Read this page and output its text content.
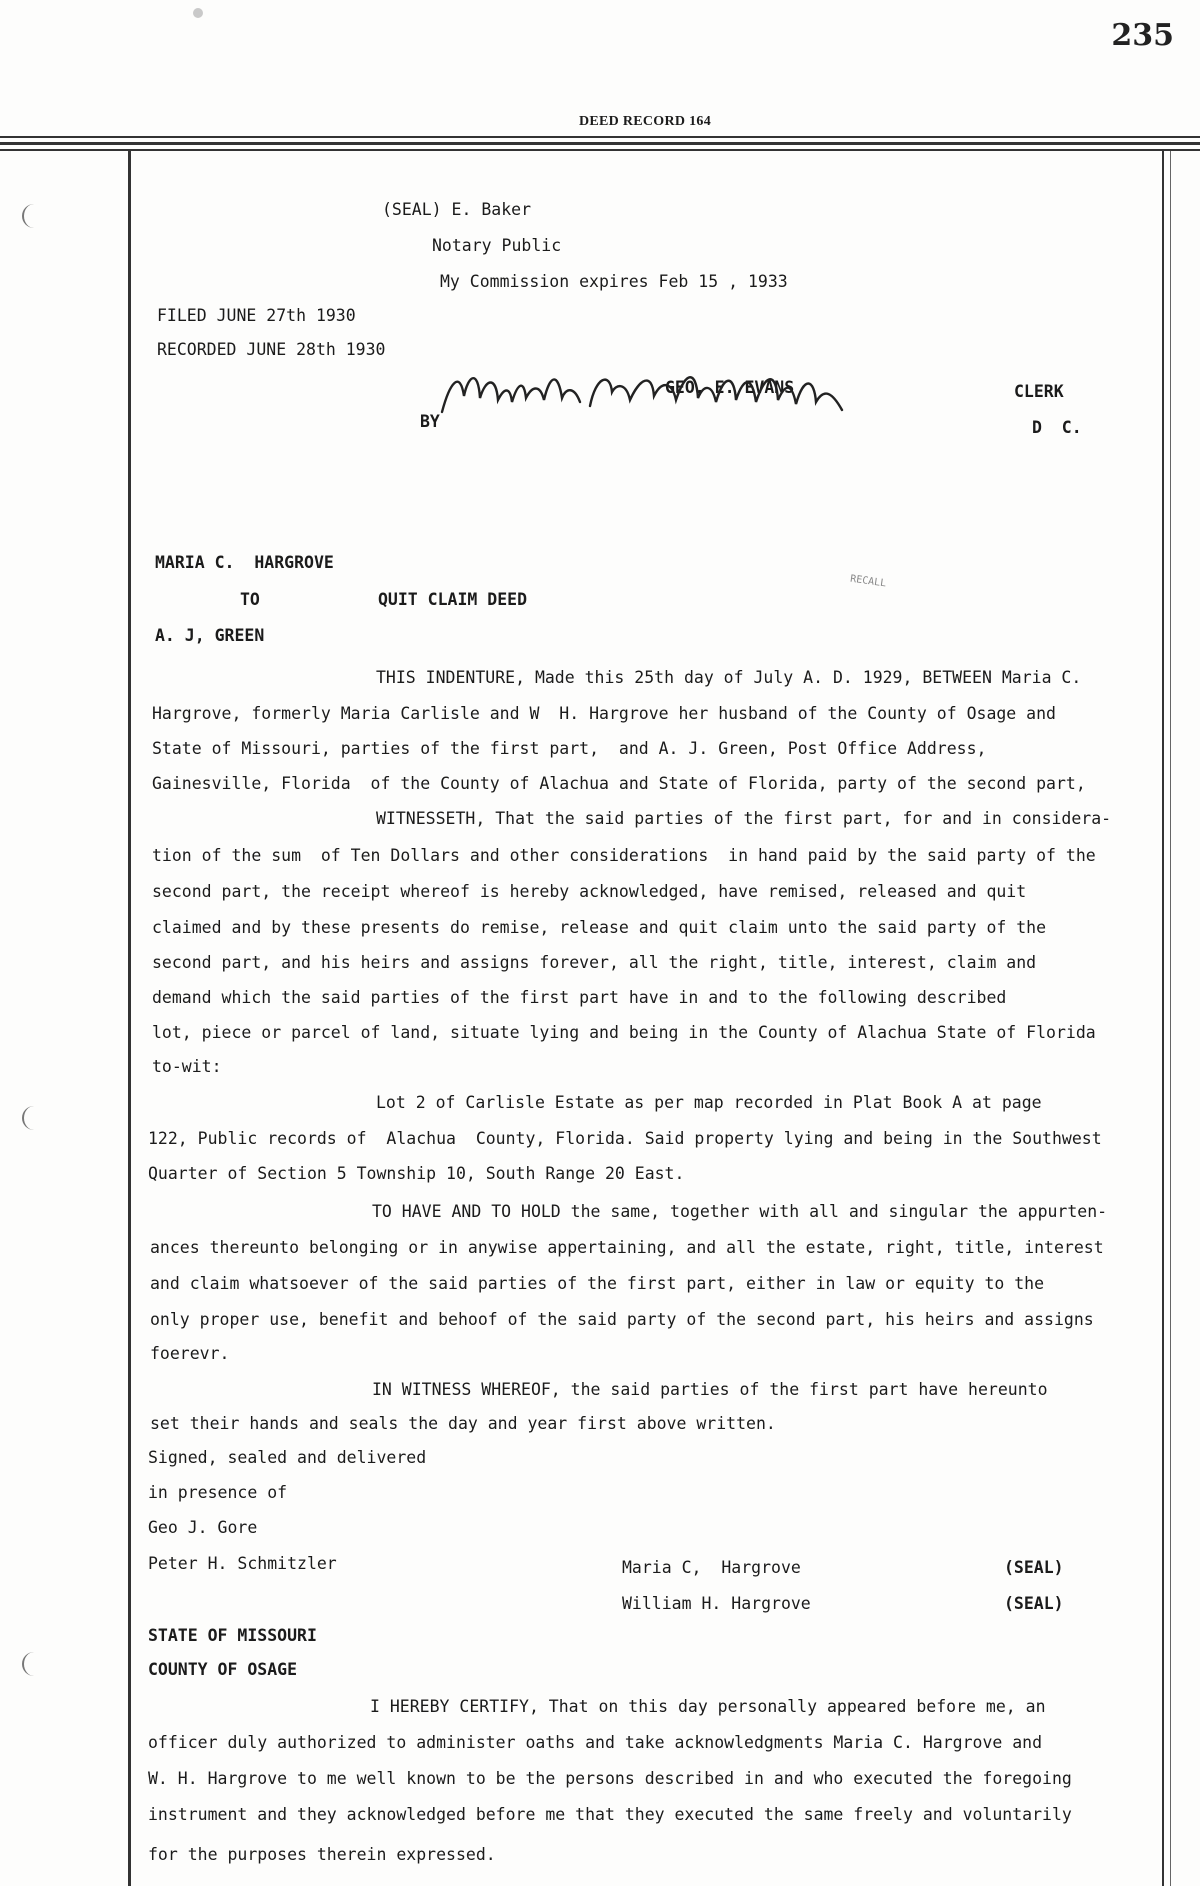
235
DEED RECORD 164
(SEAL) E. Baker
Notary Public
My Commission expires Feb 15 , 1933
FILED JUNE 27th 1930
RECORDED JUNE 28th 1930
GEO. E. EVANS	CLERK
BY	D  C.
RECALL
MARIA C.  HARGROVE
TO	QUIT CLAIM DEED
A. J, GREEN
THIS INDENTURE, Made this 25th day of July A. D. 1929, BETWEEN Maria C.
Hargrove, formerly Maria Carlisle and W  H. Hargrove her husband of the County of Osage and
State of Missouri, parties of the first part,  and A. J. Green, Post Office Address,
Gainesville, Florida  of the County of Alachua and State of Florida, party of the second part,
WITNESSETH, That the said parties of the first part, for and in considera-
tion of the sum  of Ten Dollars and other considerations  in hand paid by the said party of the
second part, the receipt whereof is hereby acknowledged, have remised, released and quit
claimed and by these presents do remise, release and quit claim unto the said party of the
second part, and his heirs and assigns forever, all the right, title, interest, claim and
demand which the said parties of the first part have in and to the following described
lot, piece or parcel of land, situate lying and being in the County of Alachua State of Florida
to-wit:
Lot 2 of Carlisle Estate as per map recorded in Plat Book A at page
122, Public records of  Alachua  County, Florida. Said property lying and being in the Southwest
Quarter of Section 5 Township 10, South Range 20 East.
TO HAVE AND TO HOLD the same, together with all and singular the appurten-
ances thereunto belonging or in anywise appertaining, and all the estate, right, title, interest
and claim whatsoever of the said parties of the first part, either in law or equity to the
only proper use, benefit and behoof of the said party of the second part, his heirs and assigns
foerevr.
IN WITNESS WHEREOF, the said parties of the first part have hereunto
set their hands and seals the day and year first above written.
Signed, sealed and delivered
in presence of
Geo J. Gore
Peter H. Schmitzler	Maria C,  Hargrove	(SEAL)
William H. Hargrove	(SEAL)
STATE OF MISSOURI
COUNTY OF OSAGE
I HEREBY CERTIFY, That on this day personally appeared before me, an
officer duly authorized to administer oaths and take acknowledgments Maria C. Hargrove and
W. H. Hargrove to me well known to be the persons described in and who executed the foregoing
instrument and they acknowledged before me that they executed the same freely and voluntarily
for the purposes therein expressed.
